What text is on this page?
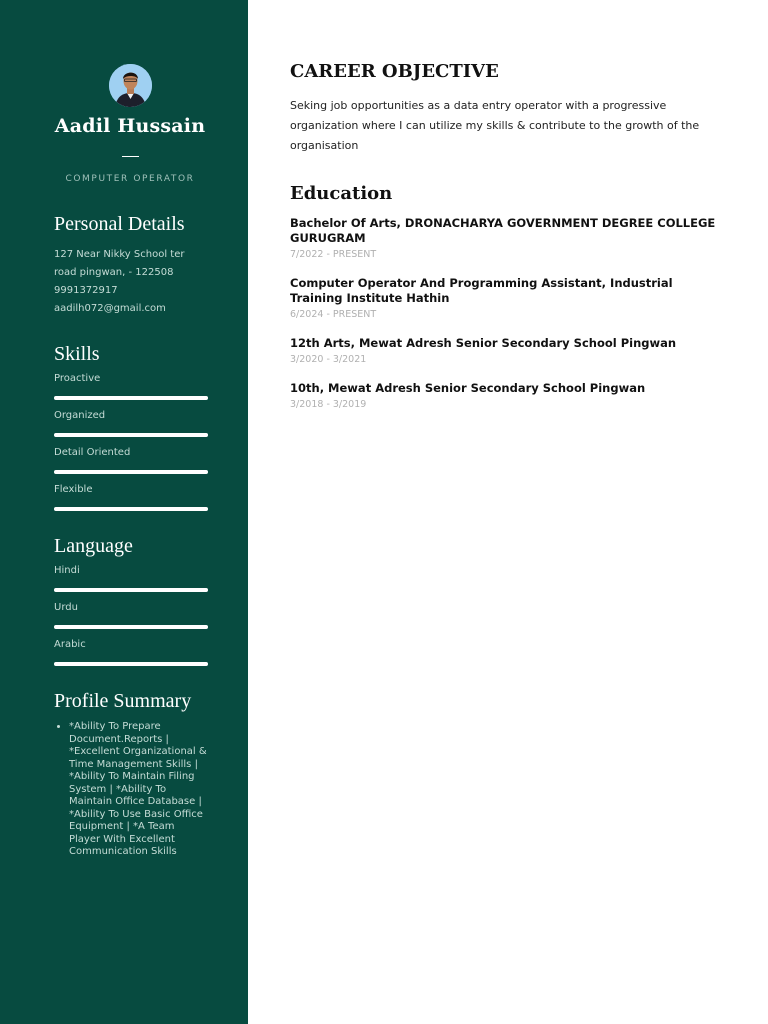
Aadil Hussain
COMPUTER OPERATOR
Personal Details
127 Near Nikky School ter
road pingwan, - 122508
9991372917
aadilh072@gmail.com
Skills
Proactive
Organized
Detail Oriented
Flexible
Language
Hindi
Urdu
Arabic
Profile Summary
• *Ability To Prepare Document.Reports | *Excellent Organizational & Time Management Skills | *Ability To Maintain Filing System | *Ability To Maintain Office Database | *Ability To Use Basic Office Equipment | *A Team Player With Excellent Communication Skills
CAREER OBJECTIVE

Seking job opportunities as a data entry operator with a progressive organization where I can utilize my skills & contribute to the growth of the organisation

Education
Bachelor Of Arts, DRONACHARYA GOVERNMENT DEGREE COLLEGE GURUGRAM
7/2022 - PRESENT
Computer Operator And Programming Assistant, Industrial Training Institute Hathin
6/2024 - PRESENT
12th Arts, Mewat Adresh Senior Secondary School Pingwan
3/2020 - 3/2021
10th, Mewat Adresh Senior Secondary School Pingwan
3/2018 - 3/2019
